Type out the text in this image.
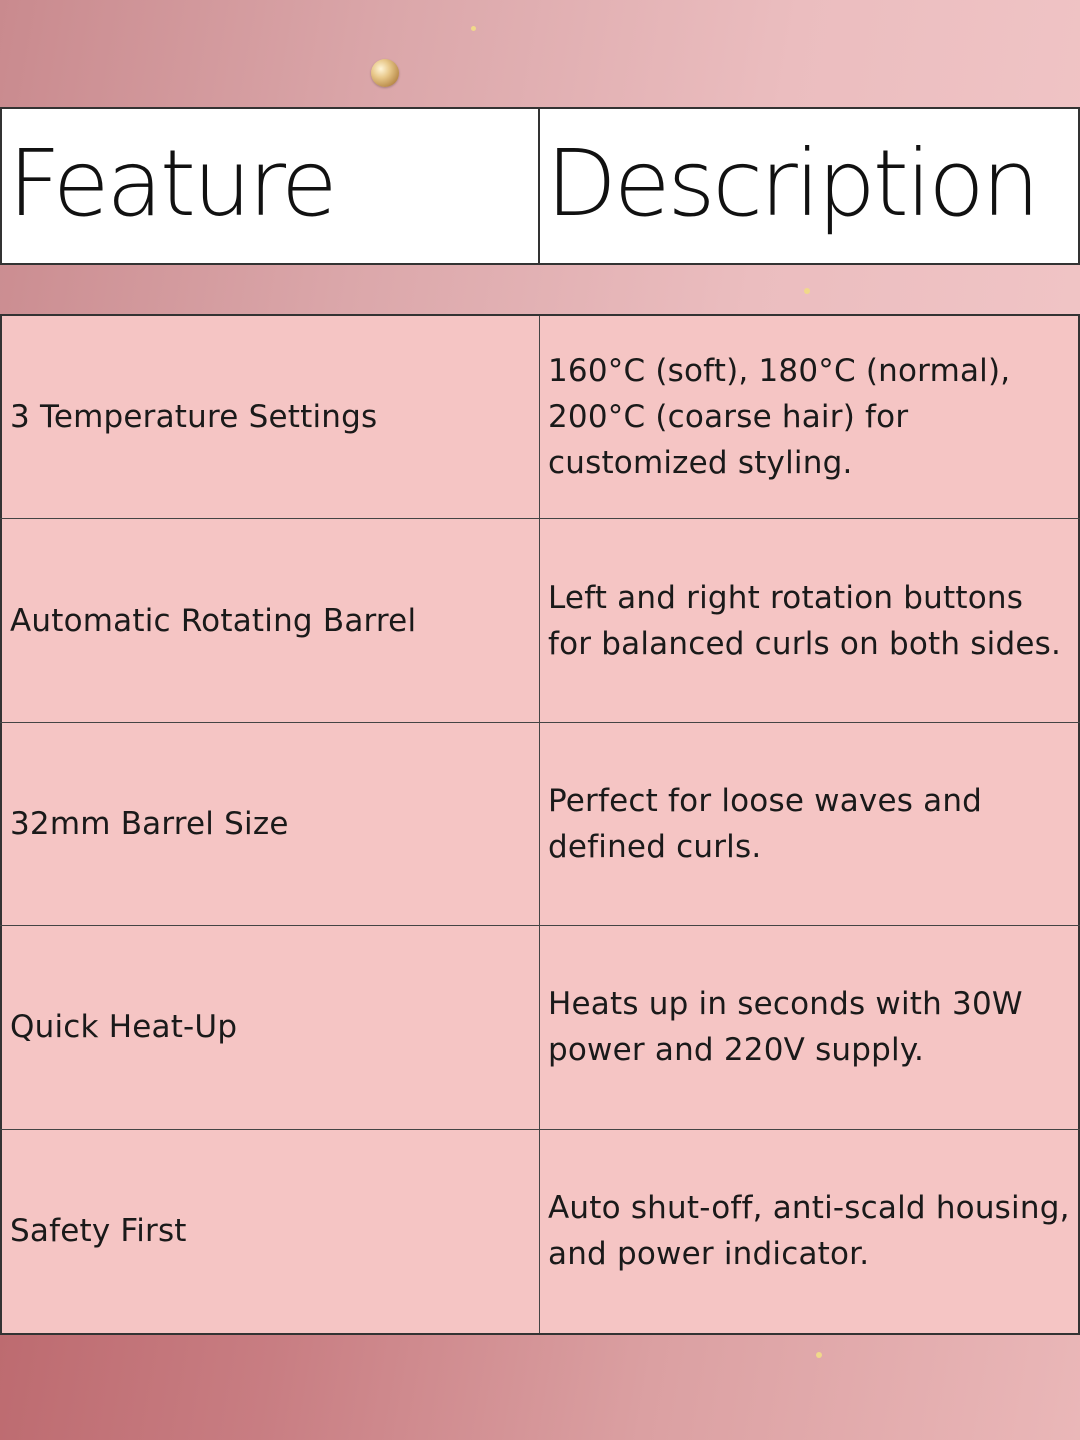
Feature	Description
3 Temperature Settings
160°C (soft), 180°C (normal), 200°C (coarse hair) for customized styling.
Automatic Rotating Barrel
Left and right rotation buttons for balanced curls on both sides.
32mm Barrel Size
Perfect for loose waves and defined curls.
Quick Heat-Up
Heats up in seconds with 30W power and 220V supply.
Safety First
Auto shut-off, anti-scald housing, and power indicator.
